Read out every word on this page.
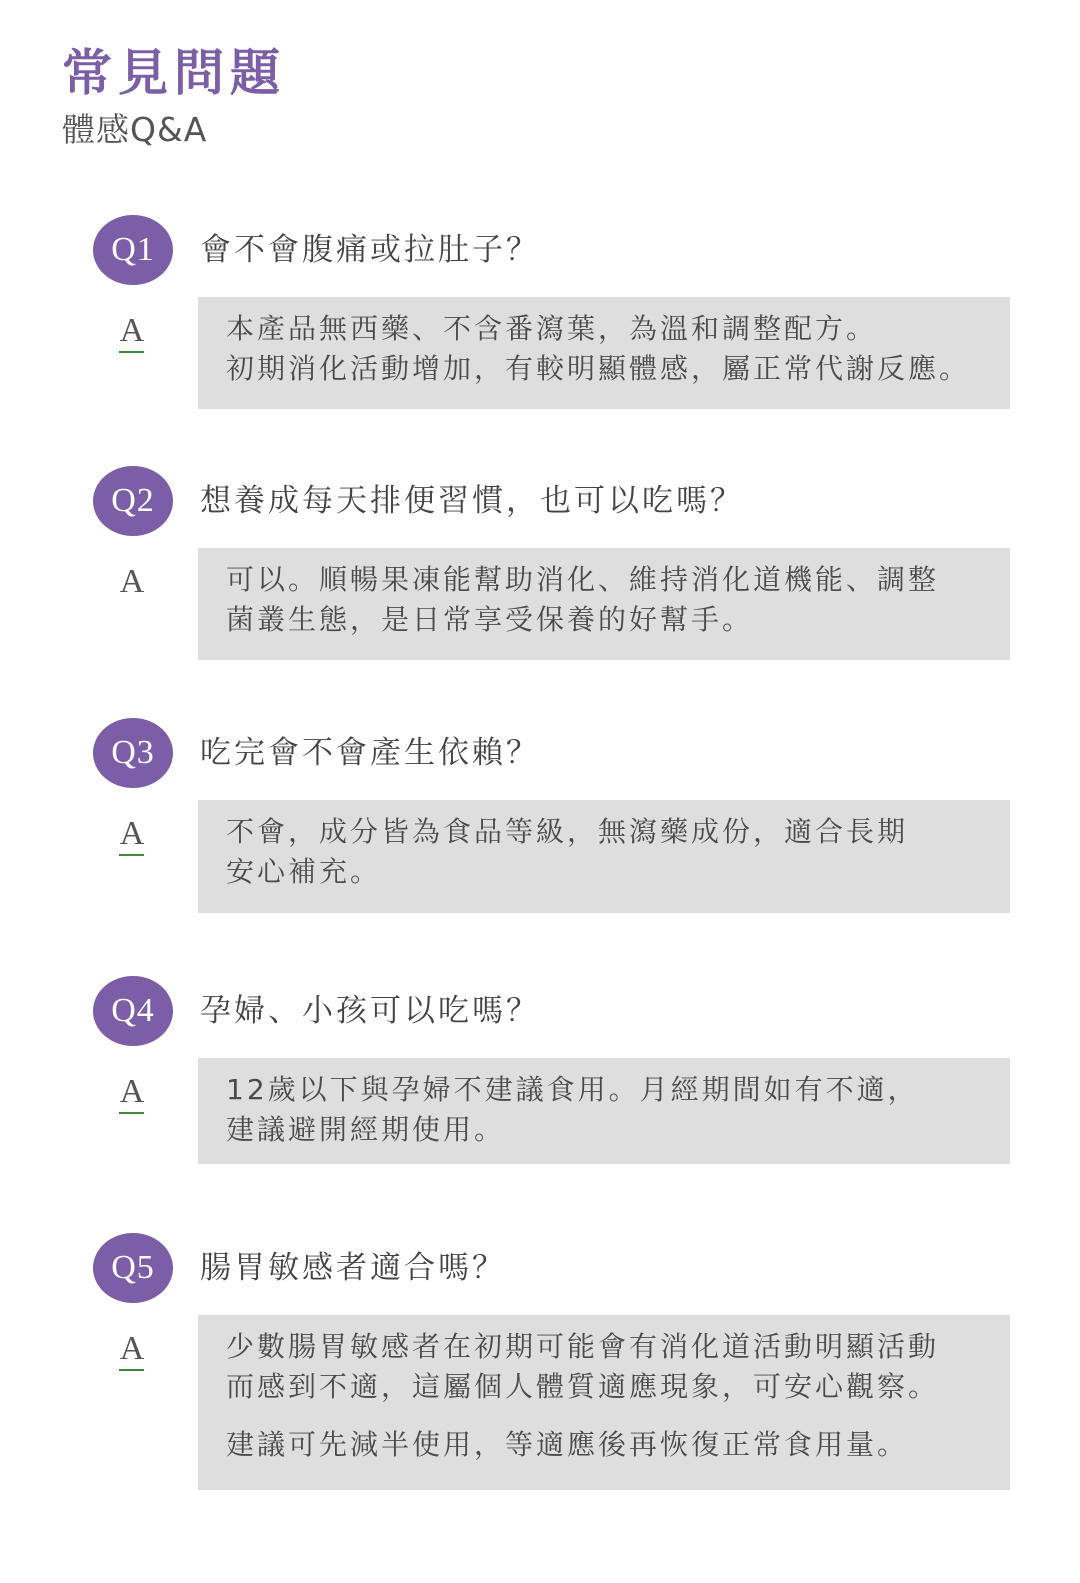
常見問題
體感Q&A
Q1	會不會腹痛或拉肚子？
A	本產品無西藥、不含番瀉葉，為溫和調整配方。

初期消化活動增加，有較明顯體感，屬正常代謝反應。

Q2	想養成每天排便習慣，也可以吃嗎？
A	可以。順暢果凍能幫助消化、維持消化道機能、調整

菌叢生態，是日常享受保養的好幫手。

Q3	吃完會不會產生依賴？
A	不會，成分皆為食品等級，無瀉藥成份，適合長期

安心補充。

Q4	孕婦、小孩可以吃嗎？
A	12歲以下與孕婦不建議食用。月經期間如有不適，

建議避開經期使用。

Q5	腸胃敏感者適合嗎？
A	少數腸胃敏感者在初期可能會有消化道活動明顯活動

而感到不適，這屬個人體質適應現象，可安心觀察。

建議可先減半使用，等適應後再恢復正常食用量。
